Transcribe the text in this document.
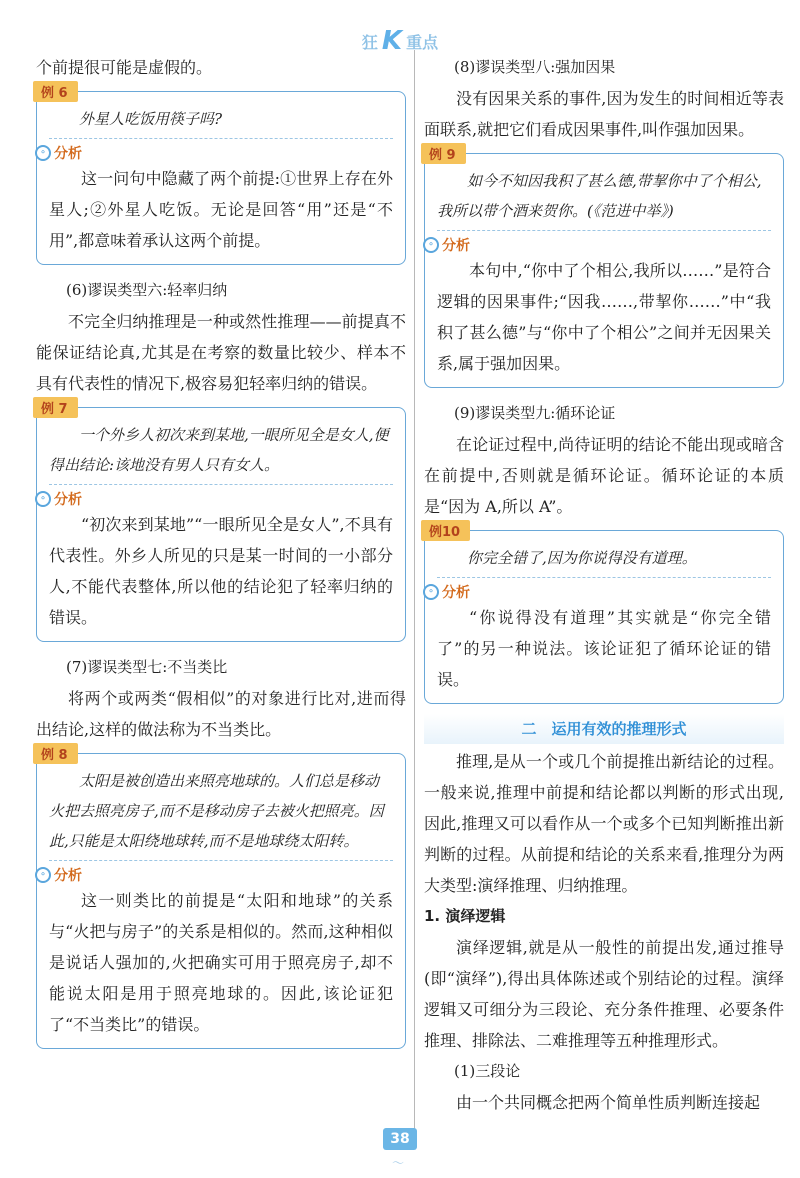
狂 K 重点

个前提很可能是虚假的。

例 6
外星人吃饭用筷子吗?
⚬ 分析

这一问句中隐藏了两个前提:①世界上存在外星人;②外星人吃饭。无论是回答“用”还是“不用”,都意味着承认这两个前提。

(6)谬误类型六:轻率归纳

不完全归纳推理是一种或然性推理——前提真不能保证结论真,尤其是在考察的数量比较少、样本不具有代表性的情况下,极容易犯轻率归纳的错误。

例 7
一个外乡人初次来到某地,一眼所见全是女人,便得出结论:该地没有男人只有女人。
⚬ 分析

“初次来到某地”“一眼所见全是女人”,不具有代表性。外乡人所见的只是某一时间的一小部分人,不能代表整体,所以他的结论犯了轻率归纳的错误。

(7)谬误类型七:不当类比

将两个或两类“假相似”的对象进行比对,进而得出结论,这样的做法称为不当类比。

例 8
太阳是被创造出来照亮地球的。人们总是移动火把去照亮房子,而不是移动房子去被火把照亮。因此,只能是太阳绕地球转,而不是地球绕太阳转。
⚬ 分析

这一则类比的前提是“太阳和地球”的关系与“火把与房子”的关系是相似的。然而,这种相似是说话人强加的,火把确实可用于照亮房子,却不能说太阳是用于照亮地球的。因此,该论证犯了“不当类比”的错误。

(8)谬误类型八:强加因果

没有因果关系的事件,因为发生的时间相近等表面联系,就把它们看成因果事件,叫作强加因果。

例 9
如今不知因我积了甚么德,带挈你中了个相公,我所以带个酒来贺你。(《范进中举》)
⚬ 分析

本句中,“你中了个相公,我所以……”是符合逻辑的因果事件;“因我……,带挈你……”中“我积了甚么德”与“你中了个相公”之间并无因果关系,属于强加因果。

(9)谬误类型九:循环论证

在论证过程中,尚待证明的结论不能出现或暗含在前提中,否则就是循环论证。循环论证的本质是“因为 A,所以 A”。

例10
你完全错了,因为你说得没有道理。
⚬ 分析

“你说得没有道理”其实就是“你完全错了”的另一种说法。该论证犯了循环论证的错误。

二　运用有效的推理形式

推理,是从一个或几个前提推出新结论的过程。一般来说,推理中前提和结论都以判断的形式出现,因此,推理又可以看作从一个或多个已知判断推出新判断的过程。从前提和结论的关系来看,推理分为两大类型:演绎推理、归纳推理。

1. 演绎逻辑

演绎逻辑,就是从一般性的前提出发,通过推导(即“演绎”),得出具体陈述或个别结论的过程。演绎逻辑又可细分为三段论、充分条件推理、必要条件推理、排除法、二难推理等五种推理形式。

(1)三段论

由一个共同概念把两个简单性质判断连接起

38
〜
